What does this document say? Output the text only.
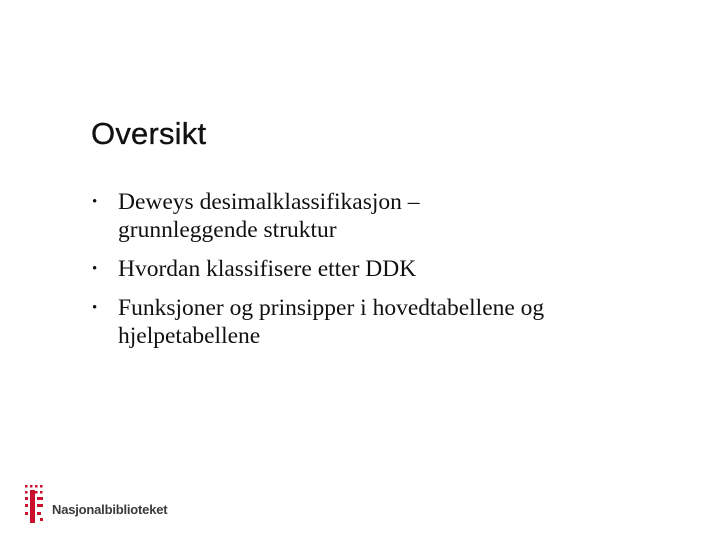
Oversikt
• Deweys desimalklassifikasjon –
grunnleggende struktur
• Hvordan klassifisere etter DDK
• Funksjoner og prinsipper i hovedtabellene og
hjelpetabellene
Nasjonalbiblioteket
